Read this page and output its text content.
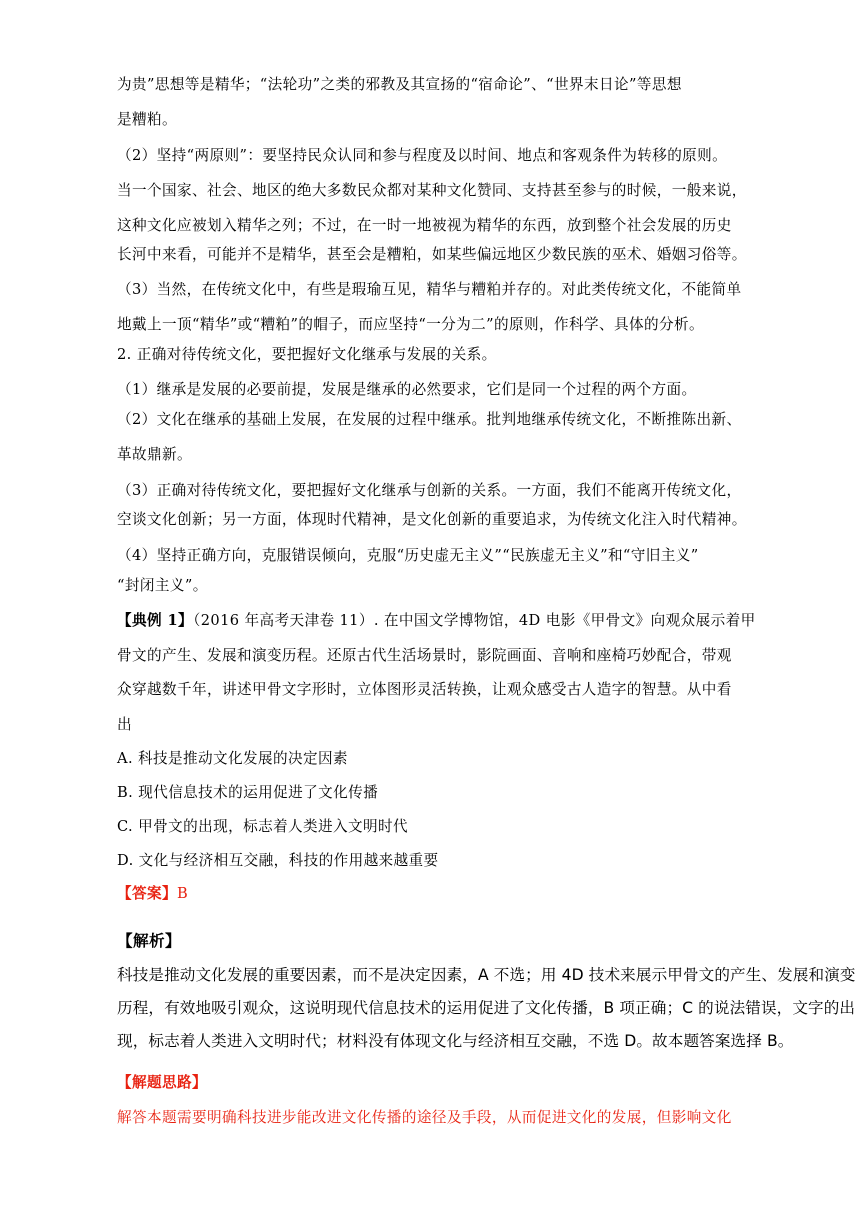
为贵”思想等是精华；“法轮功”之类的邪教及其宣扬的“宿命论”、“世界末日论”等思想
是糟粕。
（2）坚持“两原则”：要坚持民众认同和参与程度及以时间、地点和客观条件为转移的原则。
当一个国家、社会、地区的绝大多数民众都对某种文化赞同、支持甚至参与的时候，一般来说，
这种文化应被划入精华之列；不过，在一时一地被视为精华的东西，放到整个社会发展的历史
长河中来看，可能并不是精华，甚至会是糟粕，如某些偏远地区少数民族的巫术、婚姻习俗等。
（3）当然，在传统文化中，有些是瑕瑜互见，精华与糟粕并存的。对此类传统文化，不能简单
地戴上一顶“精华”或“糟粕”的帽子，而应坚持“一分为二”的原则，作科学、具体的分析。
2. 正确对待传统文化，要把握好文化继承与发展的关系。
（1）继承是发展的必要前提，发展是继承的必然要求，它们是同一个过程的两个方面。
（2）文化在继承的基础上发展，在发展的过程中继承。批判地继承传统文化，不断推陈出新、
革故鼎新。
（3）正确对待传统文化，要把握好文化继承与创新的关系。一方面，我们不能离开传统文化，
空谈文化创新；另一方面，体现时代精神，是文化创新的重要追求，为传统文化注入时代精神。
（4）坚持正确方向，克服错误倾向，克服“历史虚无主义”“民族虚无主义”和“守旧主义”
“封闭主义”。
【典例 1】（2016 年高考天津卷 11）. 在中国文学博物馆，4D 电影《甲骨文》向观众展示着甲
骨文的产生、发展和演变历程。还原古代生活场景时，影院画面、音响和座椅巧妙配合，带观
众穿越数千年，讲述甲骨文字形时，立体图形灵活转换，让观众感受古人造字的智慧。从中看
出
A. 科技是推动文化发展的决定因素
B. 现代信息技术的运用促进了文化传播
C. 甲骨文的出现，标志着人类进入文明时代
D. 文化与经济相互交融，科技的作用越来越重要
【答案】B
【解析】
科技是推动文化发展的重要因素，而不是决定因素，A 不选；用 4D 技术来展示甲骨文的产生、发展和演变
历程，有效地吸引观众，这说明现代信息技术的运用促进了文化传播，B 项正确；C 的说法错误，文字的出
现，标志着人类进入文明时代；材料没有体现文化与经济相互交融，不选 D。故本题答案选择 B。
【解题思路】
解答本题需要明确科技进步能改进文化传播的途径及手段，从而促进文化的发展，但影响文化
